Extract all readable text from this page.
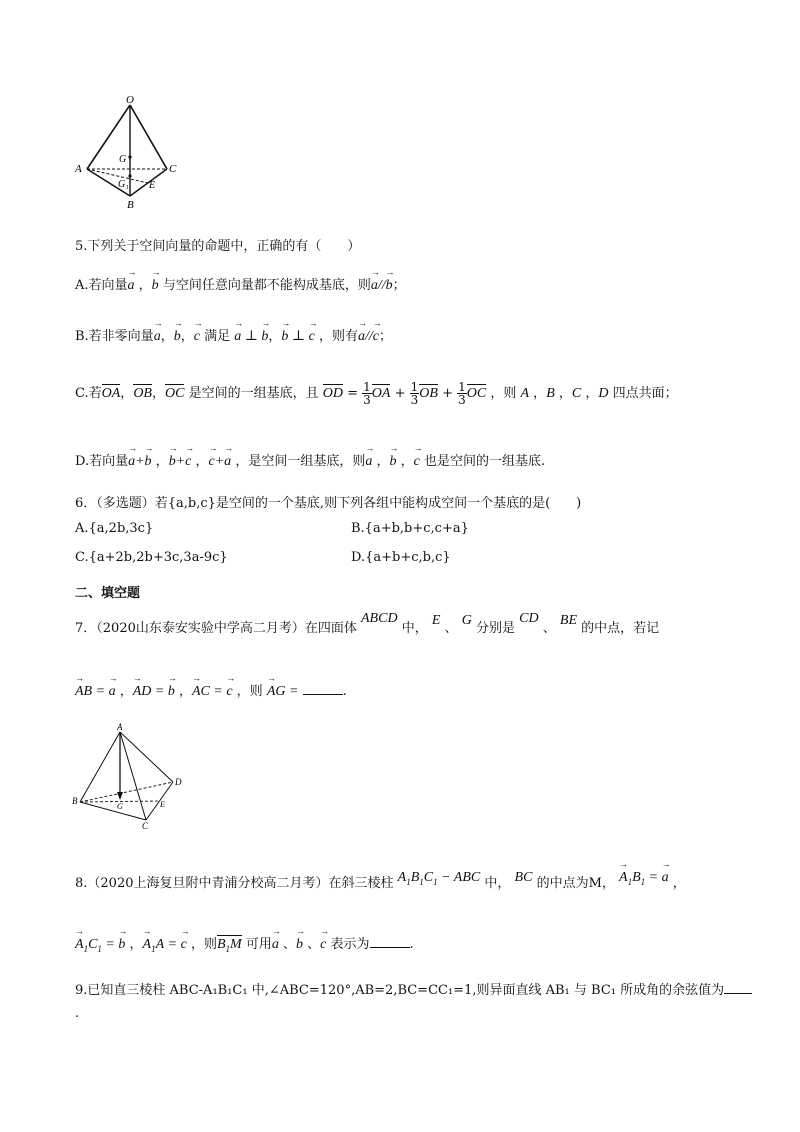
O
G
A	C
G₁ E
B
5.下列关于空间向量的命题中，正确的有（　　）
A.若向量→ a ，→ b 与空间任意向量都不能构成基底，则→ a//→ b；
B.若非零向量→ a，→ b，→ c 满足 → a ⊥ → b，→ b ⊥ → c ，则有→ a//→ c；
C.若OA，OB，OC 是空间的一组基底，且 OD = $\frac{1}{3}$ OA + $\frac{1}{3}$ OB + $\frac{1}{3}$ OC ，则 A ，B ，C ，D 四点共面；
D.若向量→ a+→ b ，→ b+→ c ，→ c+→ a ，是空间一组基底，则→ a ，→ b ，→ c 也是空间的一组基底.
6．（多选题）若{a,b,c}是空间的一个基底,则下列各组中能构成空间一个基底的是(　　)
A.{a,2b,3c}	B.{a+b,b+c,c+a}
C.{a+2b,2b+3c,3a-9c}	D.{a+b+c,b,c}
二、填空题
7．（2020山东泰安实验中学高二月考）在四面体 ABCD 中， E 、 G 分别是 CD 、 BE 的中点，若记
→ AB = → a ，→ AD = → b ，→ AC = → c ，则 → AG =	.
A
D
B
G	E
C
8.（2020上海复旦附中青浦分校高二月考）在斜三棱柱 $A_1B_1C_1$ − ABC 中， BC 的中点为M， → $A_1B_1$ = → a ，
→ $A_1C_1$ = → b ，→ $A_1A$ = → c ，则$B_1M$ 可用→ a 、→ b 、→ c 表示为	.
9.已知直三棱柱 ABC-A₁B₁C₁ 中,∠ABC=120°,AB=2,BC=CC₁=1,则异面直线 AB₁ 与 BC₁ 所成角的余弦值为
.
